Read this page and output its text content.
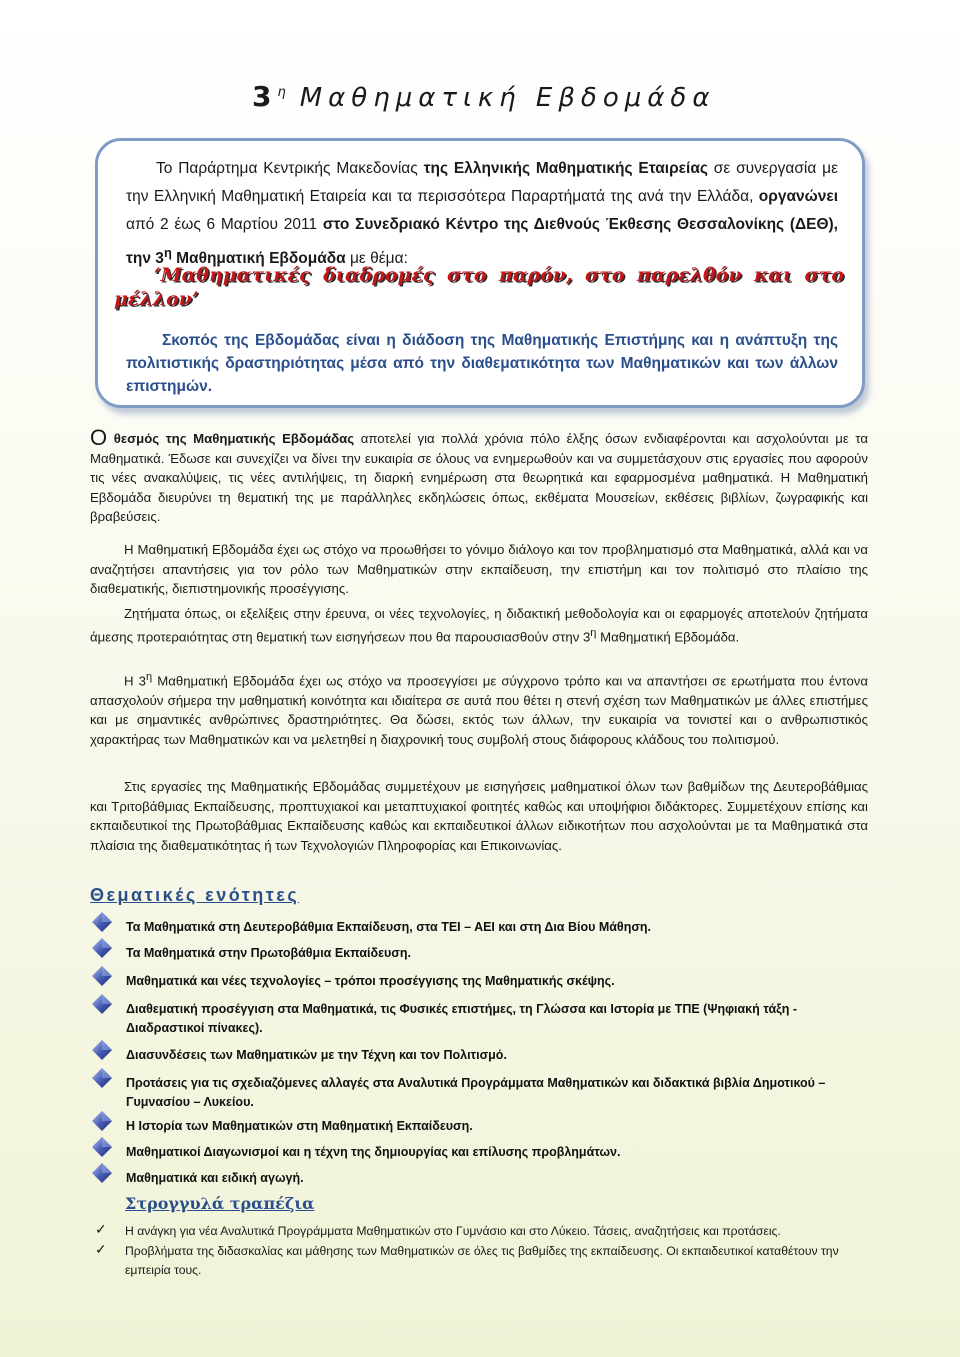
$3^\eta$ Μαθηματική Εβδομάδα

Το Παράρτημα Κεντρικής Μακεδονίας της Ελληνικής Μαθηματικής Εταιρείας σε συνεργασία με την Ελληνική Μαθηματική Εταιρεία και τα περισσότερα Παραρτήματά της ανά την Ελλάδα, οργανώνει από 2 έως 6 Μαρτίου 2011 στο Συνεδριακό Κέντρο της Διεθνούς Έκθεσης Θεσσαλονίκης (ΔΕΘ), την $3^\eta$ Μαθηματική Εβδομάδα με θέμα:

‘Μαθηματικές διαδρομές στο παρόν, στο παρελθόν και στο μέλλον’
Σκοπός της Εβδομάδας είναι η διάδοση της Μαθηματικής Επιστήμης και η ανάπτυξη της πολιτιστικής δραστηριότητας μέσα από την διαθεματικότητα των Μαθηματικών και των άλλων επιστημών.

Ο θεσμός της Μαθηματικής Εβδομάδας αποτελεί για πολλά χρόνια πόλο έλξης όσων ενδιαφέρονται και ασχολούνται με τα Μαθηματικά. Έδωσε και συνεχίζει να δίνει την ευκαιρία σε όλους να ενημερωθούν και να συμμετάσχουν στις εργασίες που αφορούν τις νέες ανακαλύψεις, τις νέες αντιλήψεις, τη διαρκή ενημέρωση στα θεωρητικά και εφαρμοσμένα μαθηματικά. Η Μαθηματική Εβδομάδα διευρύνει τη θεματική της με παράλληλες εκδηλώσεις όπως, εκθέματα Μουσείων, εκθέσεις βιβλίων, ζωγραφικής και βραβεύσεις.

Η Μαθηματική Εβδομάδα έχει ως στόχο να προωθήσει το γόνιμο διάλογο και τον προβληματισμό στα Μαθηματικά, αλλά και να αναζητήσει απαντήσεις για τον ρόλο των Μαθηματικών στην εκπαίδευση, την επιστήμη και τον πολιτισμό στο πλαίσιο της διαθεματικής, διεπιστημονικής προσέγγισης.

Ζητήματα όπως, οι εξελίξεις στην έρευνα, οι νέες τεχνολογίες, η διδακτική μεθοδολογία και οι εφαρμογές αποτελούν ζητήματα άμεσης προτεραιότητας στη θεματική των εισηγήσεων που θα παρουσιασθούν στην $3^\eta$ Μαθηματική Εβδομάδα.

Η $3^\eta$ Μαθηματική Εβδομάδα έχει ως στόχο να προσεγγίσει με σύγχρονο τρόπο και να απαντήσει σε ερωτήματα που έντονα απασχολούν σήμερα την μαθηματική κοινότητα και ιδιαίτερα σε αυτά που θέτει η στενή σχέση των Μαθηματικών με άλλες επιστήμες και με σημαντικές ανθρώπινες δραστηριότητες. Θα δώσει, εκτός των άλλων, την ευκαιρία να τονιστεί και ο ανθρωπιστικός χαρακτήρας των Μαθηματικών και να μελετηθεί η διαχρονική τους συμβολή στους διάφορους κλάδους του πολιτισμού.

Στις εργασίες της Μαθηματικής Εβδομάδας συμμετέχουν με εισηγήσεις μαθηματικοί όλων των βαθμίδων της Δευτεροβάθμιας και Τριτοβάθμιας Εκπαίδευσης, προπτυχιακοί και μεταπτυχιακοί φοιτητές καθώς και υποψήφιοι διδάκτορες. Συμμετέχουν επίσης και εκπαιδευτικοί της Πρωτοβάθμιας Εκπαίδευσης καθώς και εκπαιδευτικοί άλλων ειδικοτήτων που ασχολούνται με τα Μαθηματικά στα πλαίσια της διαθεματικότητας ή των Τεχνολογιών Πληροφορίας και Επικοινωνίας.

Θεματικές ενότητες
Τα Μαθηματικά στη Δευτεροβάθμια Εκπαίδευση, στα ΤΕΙ – ΑΕΙ και στη Δια Βίου Μάθηση.
Τα Μαθηματικά στην Πρωτοβάθμια Εκπαίδευση.
Μαθηματικά και νέες τεχνολογίες – τρόποι προσέγγισης της Μαθηματικής σκέψης.
Διαθεματική προσέγγιση στα Μαθηματικά, τις Φυσικές επιστήμες, τη Γλώσσα και Ιστορία με ΤΠΕ (Ψηφιακή τάξη - Διαδραστικοί πίνακες).
Διασυνδέσεις των Μαθηματικών με την Τέχνη και τον Πολιτισμό.
Προτάσεις για τις σχεδιαζόμενες αλλαγές στα Αναλυτικά Προγράμματα Μαθηματικών και διδακτικά βιβλία Δημοτικού – Γυμνασίου – Λυκείου.
Η Ιστορία των Μαθηματικών στη Μαθηματική Εκπαίδευση.
Μαθηματικοί Διαγωνισμοί και η τέχνη της δημιουργίας και επίλυσης προβλημάτων.
Μαθηματικά και ειδική αγωγή.
Στρογγυλά τραπέζια
✓ Η ανάγκη για νέα Αναλυτικά Προγράμματα Μαθηματικών στο Γυμνάσιο και στο Λύκειο. Τάσεις, αναζητήσεις και προτάσεις.
✓ Προβλήματα της διδασκαλίας και μάθησης των Μαθηματικών σε όλες τις βαθμίδες της εκπαίδευσης. Οι εκπαιδευτικοί καταθέτουν την εμπειρία τους.
